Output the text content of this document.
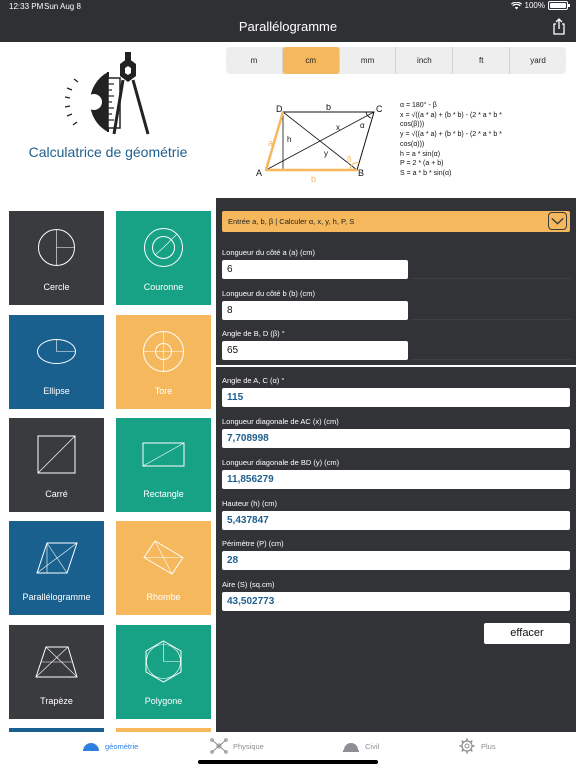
12:33 PM Sun Aug 8	100%
Parallélogramme
Calculatrice de géométrie
Cercle	Couronne
Ellipse	Tore
Carré	Rectangle
Parallélogramme	Rhombe
Trapèze	Polygone
m	cm	mm	inch	ft	yard
D	C
A	B
b
a
b
h
x
y
α
β
α = 180° - β
x = √((a * a) + (b * b) - (2 * a * b *
cos(β)))
y = √((a * a) + (b * b) - (2 * a * b *
cos(α)))
h = a * sin(α)
P = 2 * (a + b)
S = a * b * sin(α)
Entrée a, b, β | Calculer α, x, y, h, P, S
Longueur du côté a (a) (cm)
6
Longueur du côté b (b) (cm)
8
Angle de B, D (β) °
65
Angle de A, C (α) °
115
Longueur diagonale de AC (x) (cm)
7,708998
Longueur diagonale de BD (y) (cm)
11,856279
Hauteur (h) (cm)
5,437847
Périmètre (P) (cm)
28
Aire (S) (sq.cm)
43,502773
effacer
géométrie	Physique	Civil	Plus
